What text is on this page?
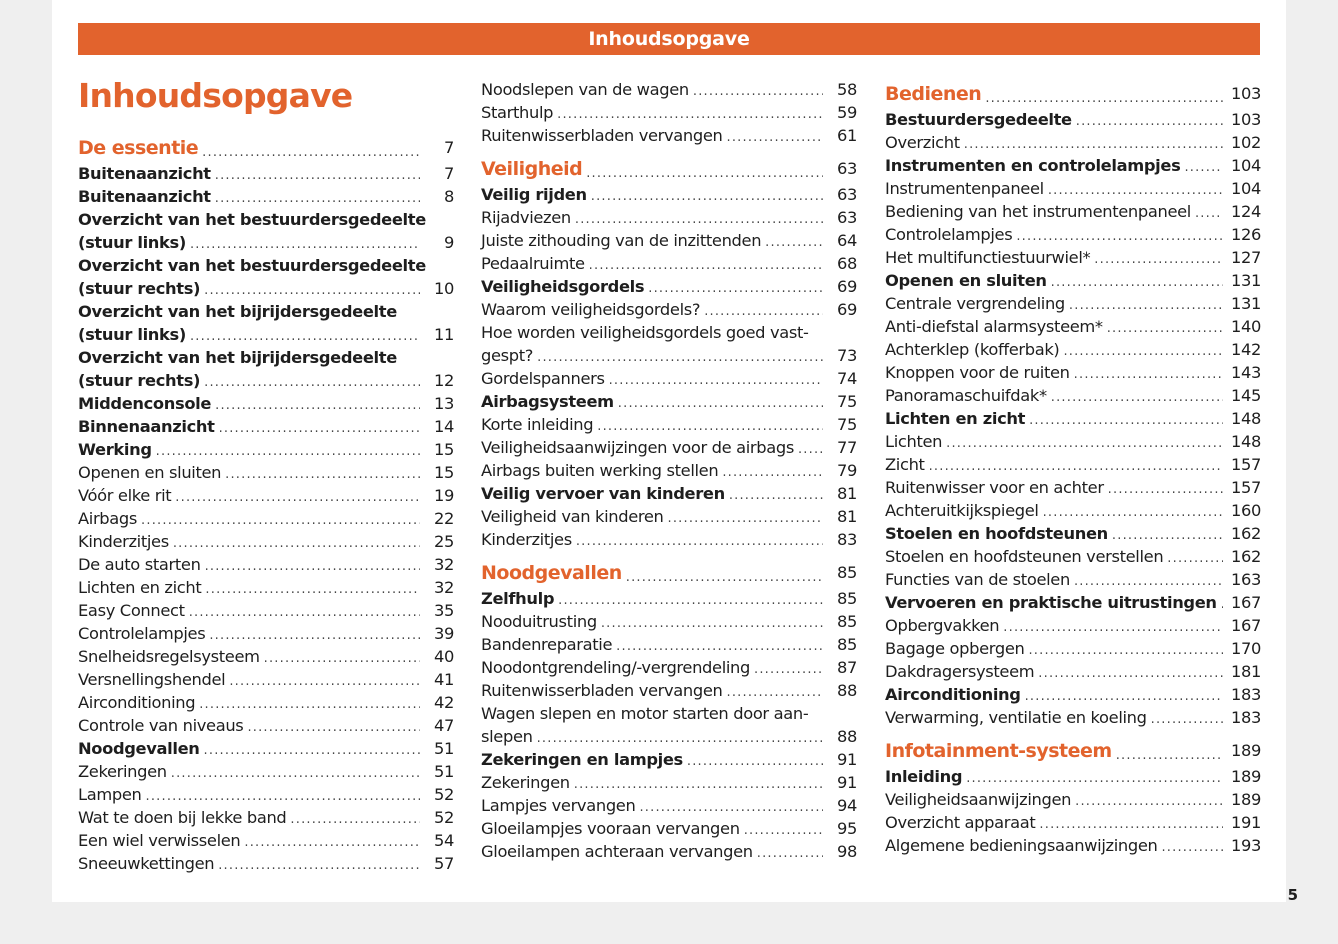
Inhoudsopgave
Inhoudsopgave
De essentie .....	7
Buitenaanzicht .....	7
Buitenaanzicht .....	8
Overzicht van het bestuurdersgedeelte
(stuur links) .....	9
Overzicht van het bestuurdersgedeelte
(stuur rechts) .....	10
Overzicht van het bijrijdersgedeelte
(stuur links) .....	11
Overzicht van het bijrijdersgedeelte
(stuur rechts) .....	12
Middenconsole .....	13
Binnenaanzicht .....	14
Werking .....	15
Openen en sluiten .....	15
Vóór elke rit .....	19
Airbags .....	22
Kinderzitjes .....	25
De auto starten .....	32
Lichten en zicht .....	32
Easy Connect .....	35
Controlelampjes .....	39
Snelheidsregelsysteem .....	40
Versnellingshendel .....	41
Airconditioning .....	42
Controle van niveaus .....	47
Noodgevallen .....	51
Zekeringen .....	51
Lampen .....	52
Wat te doen bij lekke band .....	52
Een wiel verwisselen .....	54
Sneeuwkettingen .....	57
Noodslepen van de wagen .....	58
Starthulp .....	59
Ruitenwisserbladen vervangen .....	61
Veiligheid .....	63
Veilig rijden .....	63
Rijadviezen .....	63
Juiste zithouding van de inzittenden .....	64
Pedaalruimte .....	68
Veiligheidsgordels .....	69
Waarom veiligheidsgordels? .....	69
Hoe worden veiligheidsgordels goed vast-
gespt? .....	73
Gordelspanners .....	74
Airbagsysteem .....	75
Korte inleiding .....	75
Veiligheidsaanwijzingen voor de airbags .....	77
Airbags buiten werking stellen .....	79
Veilig vervoer van kinderen .....	81
Veiligheid van kinderen .....	81
Kinderzitjes .....	83
Noodgevallen .....	85
Zelfhulp .....	85
Nooduitrusting .....	85
Bandenreparatie .....	85
Noodontgrendeling/-vergrendeling .....	87
Ruitenwisserbladen vervangen .....	88
Wagen slepen en motor starten door aan-
slepen .....	88
Zekeringen en lampjes .....	91
Zekeringen .....	91
Lampjes vervangen .....	94
Gloeilampjes vooraan vervangen .....	95
Gloeilampen achteraan vervangen .....	98
Bedienen .....	103
Bestuurdersgedeelte .....	103
Overzicht .....	102
Instrumenten en controlelampjes .....	104
Instrumentenpaneel .....	104
Bediening van het instrumentenpaneel ..... 124
Controlelampjes .....	126
Het multifunctiestuurwiel* .....	127
Openen en sluiten .....	131
Centrale vergrendeling .....	131
Anti-diefstal alarmsysteem* .....	140
Achterklep (kofferbak) .....	142
Knoppen voor de ruiten .....	143
Panoramaschuifdak* .....	145
Lichten en zicht .....	148
Lichten .....	148
Zicht .....	157
Ruitenwisser voor en achter .....	157
Achteruitkijkspiegel .....	160
Stoelen en hoofdsteunen .....	162
Stoelen en hoofdsteunen verstellen .....	162
Functies van de stoelen .....	163
Vervoeren en praktische uitrustingen ..... 167
Opbergvakken .....	167
Bagage opbergen .....	170
Dakdragersysteem .....	181
Airconditioning .....	183
Verwarming, ventilatie en koeling .....	183
Infotainment-systeem .....	189
Inleiding .....	189
Veiligheidsaanwijzingen .....	189
Overzicht apparaat .....	191
Algemene bedieningsaanwijzingen .....	193
5
